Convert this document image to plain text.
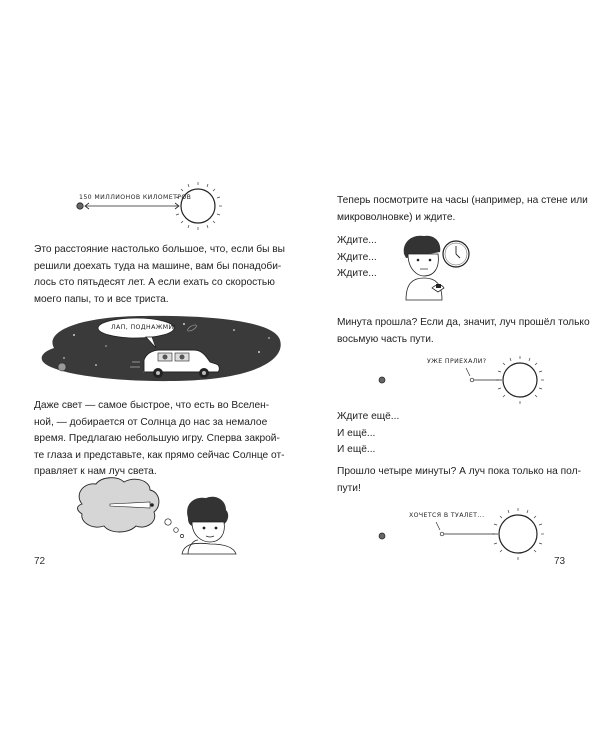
150 МИЛЛИОНОВ КИЛОМЕТРОВ

Это расстояние настолько большое, что, если бы вы
решили доехать туда на машине, вам бы понадоби-
лось сто пятьдесят лет. А если ехать со скоростью
моего папы, то и все триста.

ЛАП, ПОДНАЖМИ!

Даже свет — самое быстрое, что есть во Вселен-
ной, — добирается от Солнца до нас за немалое
время. Предлагаю небольшую игру. Сперва закрой-
те глаза и представьте, как прямо сейчас Солнце от-
правляет к нам луч света.

72

Теперь посмотрите на часы (например, на стене или
микроволновке) и ждите.

Ждите...
Ждите...
Ждите...

Минута прошла? Если да, значит, луч прошёл только
восьмую часть пути.

УЖЕ ПРИЕХАЛИ?

Ждите ещё...
И ещё...
И ещё...

Прошло четыре минуты? А луч пока только на пол-
пути!

ХОЧЕТСЯ В ТУАЛЕТ...
73
